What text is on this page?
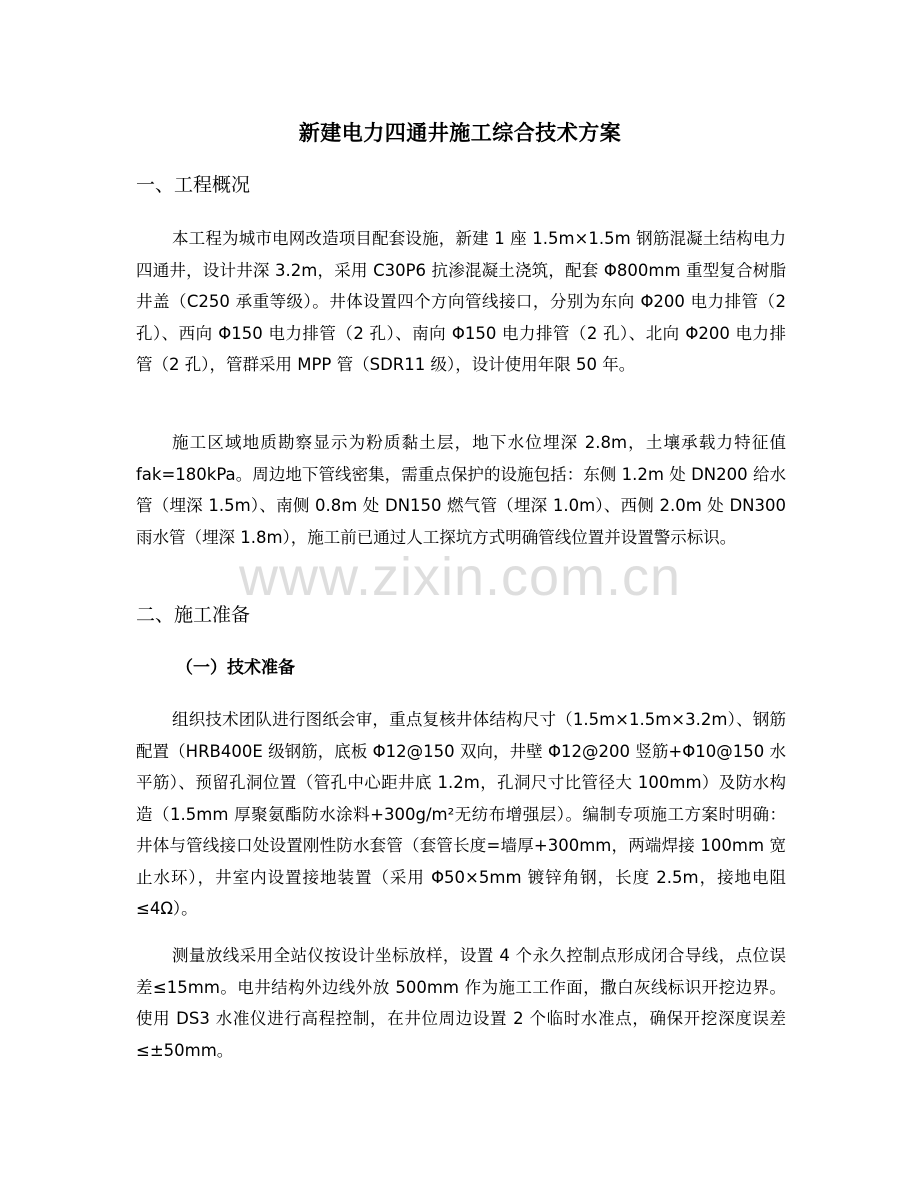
新建电力四通井施工综合技术方案
一、工程概况

本工程为城市电网改造项目配套设施，新建 1 座 1.5m×1.5m 钢筋混凝土结构电力四通井，设计井深 3.2m，采用 C30P6 抗渗混凝土浇筑，配套 Φ800mm 重型复合树脂井盖（C250 承重等级）。井体设置四个方向管线接口，分别为东向 Φ200 电力排管（2 孔）、西向 Φ150 电力排管（2 孔）、南向 Φ150 电力排管（2 孔）、北向 Φ200 电力排管（2 孔），管群采用 MPP 管（SDR11 级），设计使用年限 50 年。

施工区域地质勘察显示为粉质黏土层，地下水位埋深 2.8m，土壤承载力特征值 fak=180kPa。周边地下管线密集，需重点保护的设施包括：东侧 1.2m 处 DN200 给水管（埋深 1.5m）、南侧 0.8m 处 DN150 燃气管（埋深 1.0m）、西侧 2.0m 处 DN300 雨水管（埋深 1.8m），施工前已通过人工探坑方式明确管线位置并设置警示标识。

二、施工准备
（一）技术准备

组织技术团队进行图纸会审，重点复核井体结构尺寸（1.5m×1.5m×3.2m）、钢筋配置（HRB400E 级钢筋，底板 Φ12@150 双向，井壁 Φ12@200 竖筋+Φ10@150 水平筋）、预留孔洞位置（管孔中心距井底 1.2m，孔洞尺寸比管径大 100mm）及防水构造（1.5mm 厚聚氨酯防水涂料+300g/m²无纺布增强层）。编制专项施工方案时明确：井体与管线接口处设置刚性防水套管（套管长度=墙厚+300mm，两端焊接 100mm 宽止水环），井室内设置接地装置（采用 Φ50×5mm 镀锌角钢，长度 2.5m，接地电阻≤4Ω）。

测量放线采用全站仪按设计坐标放样，设置 4 个永久控制点形成闭合导线，点位误差≤15mm。电井结构外边线外放 500mm 作为施工工作面，撒白灰线标识开挖边界。使用 DS3 水准仪进行高程控制，在井位周边设置 2 个临时水准点，确保开挖深度误差≤±50mm。

www.zixin.com.cn
